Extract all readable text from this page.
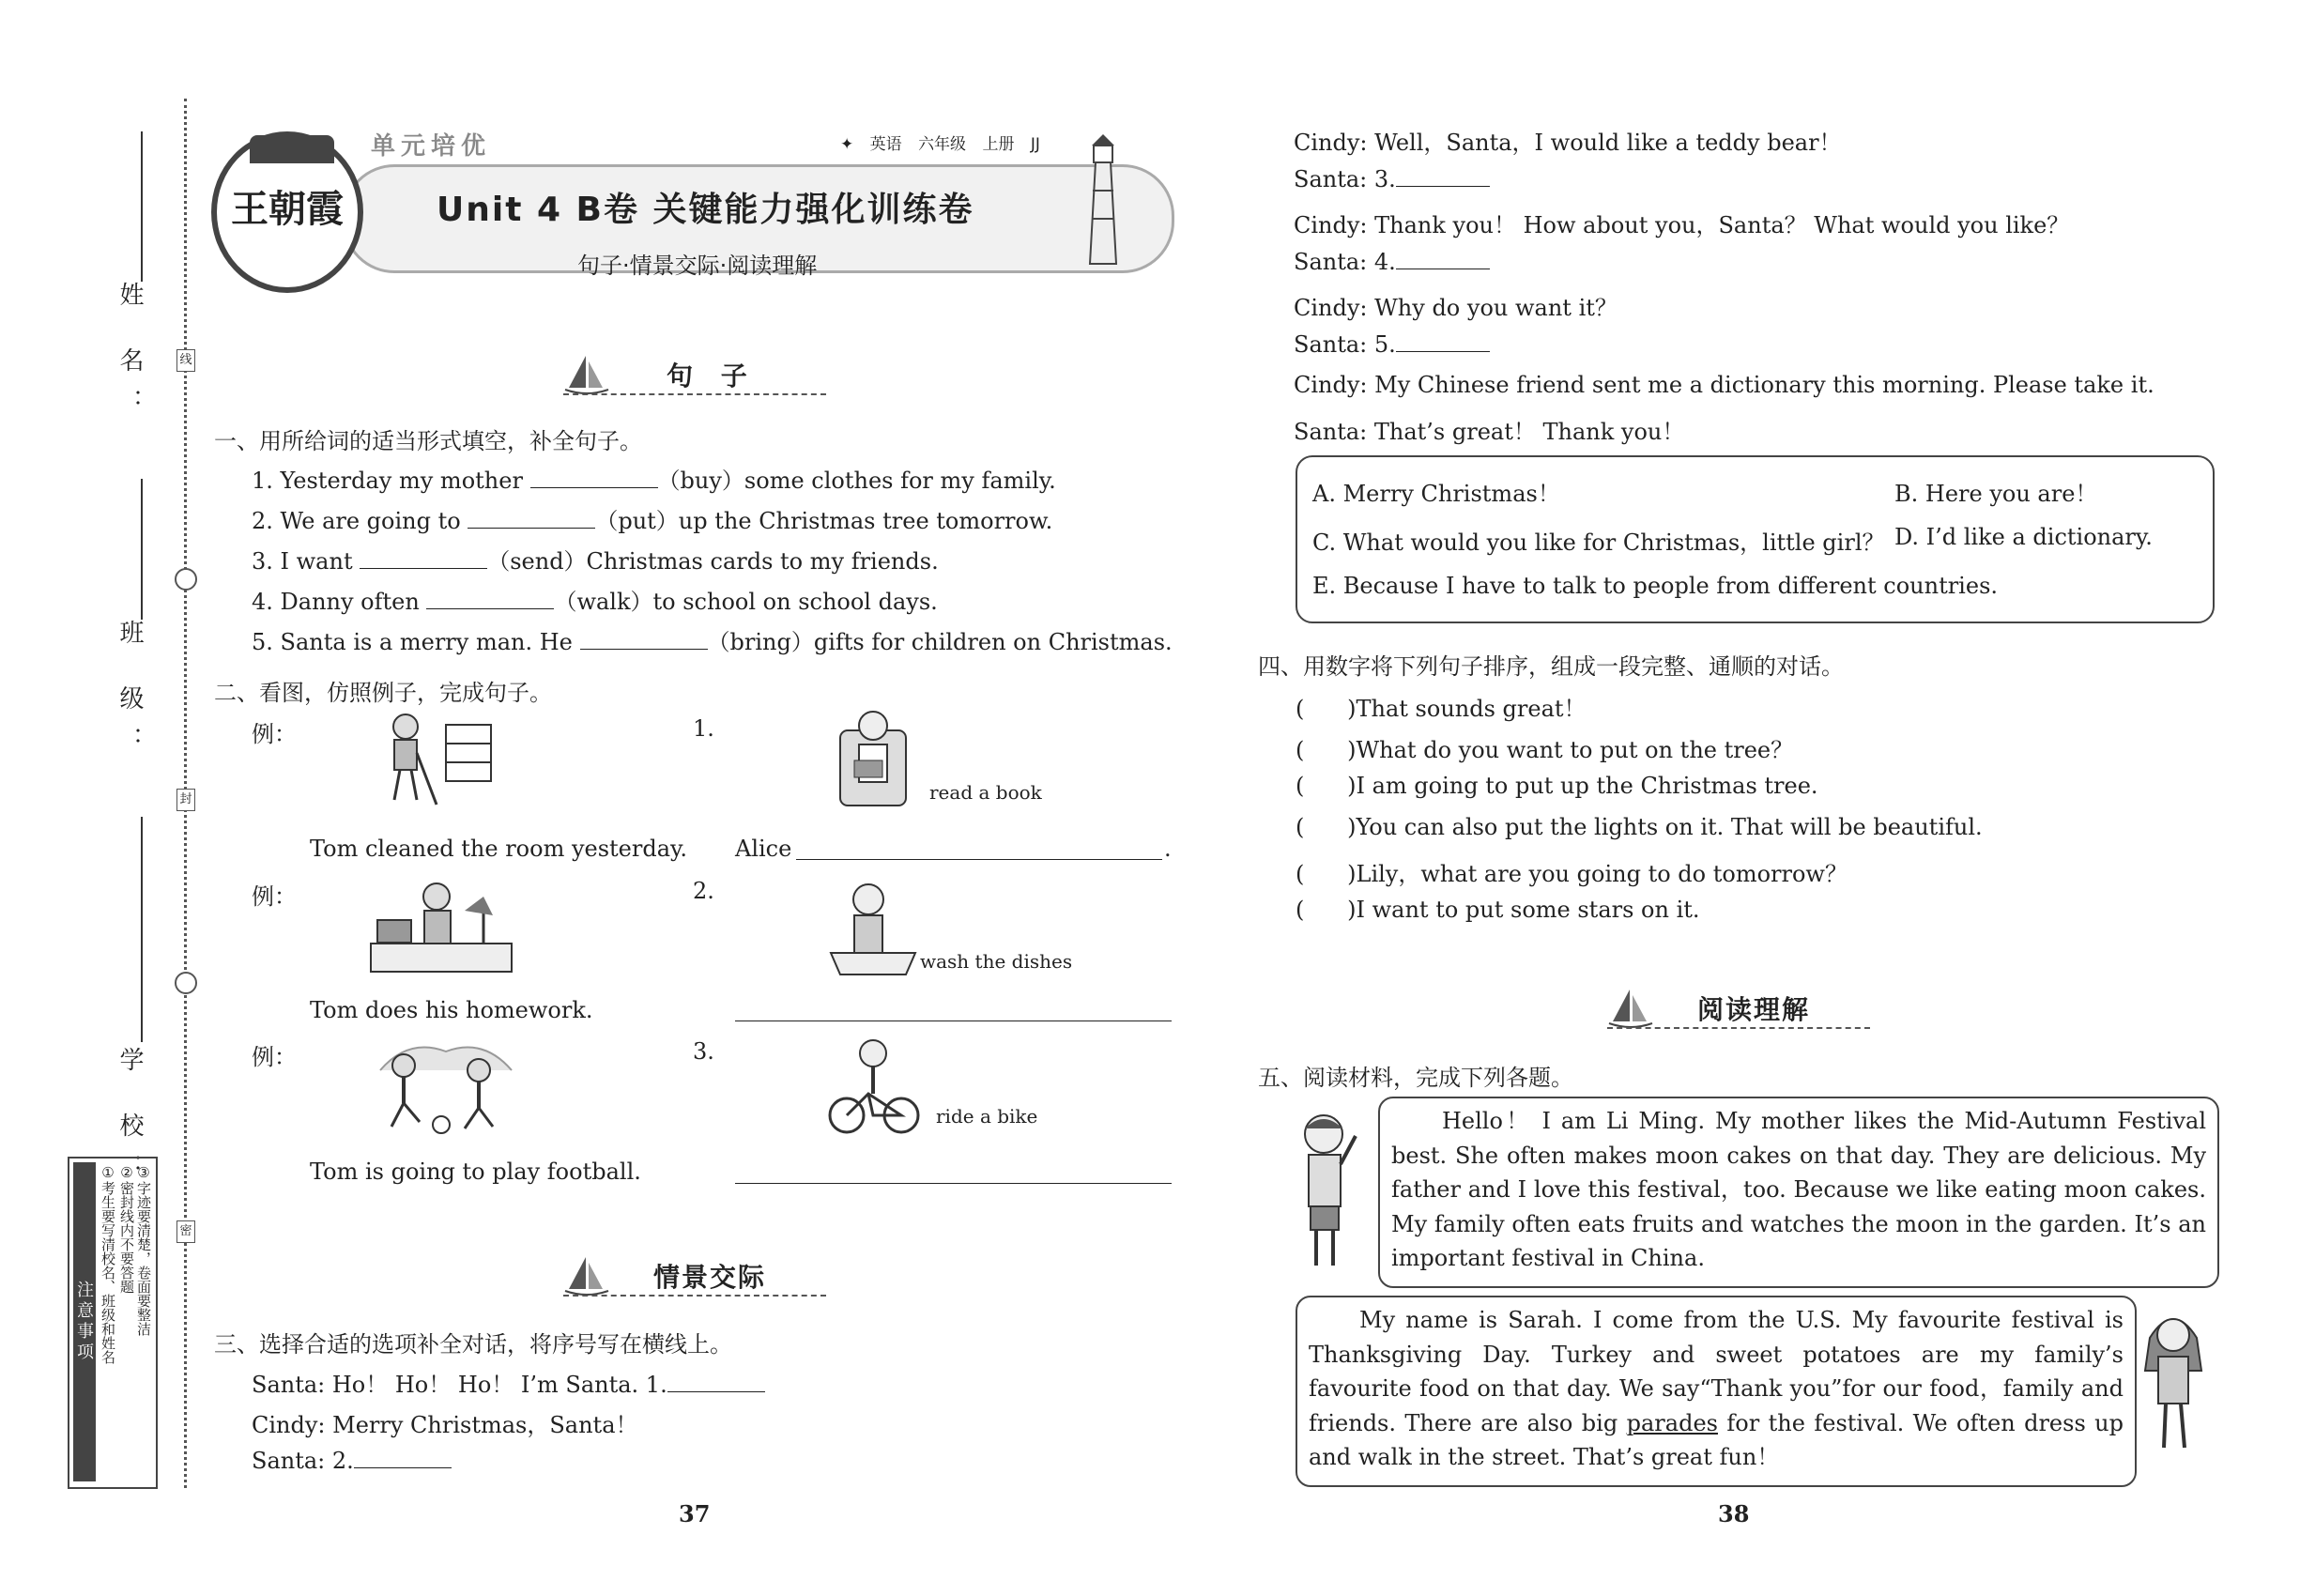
姓 名：
班 级：
学 校：
线
封
密
注意事项 ①考生要写清校名、班级和姓名 ②密封线内不要答题 ③字迹要清楚，卷面要整洁
王朝霞
单元培优	✦ 英语 六年级 上册 JJ
Unit 4 B卷 关键能力强化训练卷
句子·情景交际·阅读理解
句 子
一、用所给词的适当形式填空，补全句子。
1. Yesterday my mother	（buy）some clothes for my family.
2. We are going to	（put）up the Christmas tree tomorrow.
3. I want	（send）Christmas cards to my friends.
4. Danny often	（walk）to school on school days.
5. Santa is a merry man. He	（bring）gifts for children on Christmas.
二、看图，仿照例子，完成句子。
例：
Tom cleaned the room yesterday.
例：
Tom does his homework.
例：
Tom is going to play football.
1.
read a book
Alice	.
2.
wash the dishes
3.
ride a bike
情景交际
三、选择合适的选项补全对话，将序号写在横线上。
Santa: Ho！ Ho！ Ho！ I’m Santa. 1.
Cindy: Merry Christmas，Santa！
Santa: 2.
37
Cindy: Well，Santa，I would like a teddy bear！
Santa: 3.
Cindy: Thank you！ How about you，Santa？ What would you like？
Santa: 4.
Cindy: Why do you want it？
Santa: 5.
Cindy: My Chinese friend sent me a dictionary this morning. Please take it.
Santa: That’s great！ Thank you！
A. Merry Christmas！	B. Here you are！
C. What would you like for Christmas，little girl？ D. I’d like a dictionary.
E. Because I have to talk to people from different countries.
四、用数字将下列句子排序，组成一段完整、通顺的对话。
(      )That sounds great！
(      )What do you want to put on the tree？
(      )I am going to put up the Christmas tree.
(      )You can also put the lights on it. That will be beautiful.
(      )Lily，what are you going to do tomorrow？
(      )I want to put some stars on it.
阅读理解
五、阅读材料，完成下列各题。
Hello！ I am Li Ming. My mother likes the Mid-Autumn Festival best. She often makes moon cakes on that day. They are delicious. My father and I love this festival，too. Because we like eating moon cakes. My family often eats fruits and watches the moon in the garden. It’s an important festival in China.
My name is Sarah. I come from the U.S. My favourite festival is Thanksgiving Day. Turkey and sweet potatoes are my family’s favourite food on that day. We say“Thank you”for our food，family and friends. There are also big parades for the festival. We often dress up and walk in the street. That’s great fun！
38
